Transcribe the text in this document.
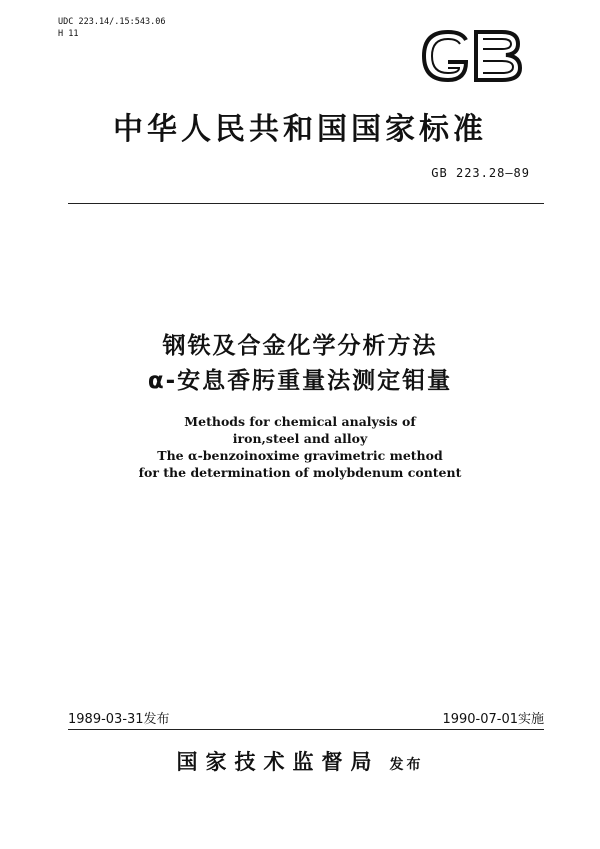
UDC 223.14/.15:543.06
H 11
GB
中华人民共和国国家标准
GB 223.28—89
钢铁及合金化学分析方法
α-安息香肟重量法测定钼量
Methods for chemical analysis of
iron,steel and alloy
The α-benzoinoxime gravimetric method
for the determination of molybdenum content
1989-03-31发布	1990-07-01实施
国家技术监督局 发布
